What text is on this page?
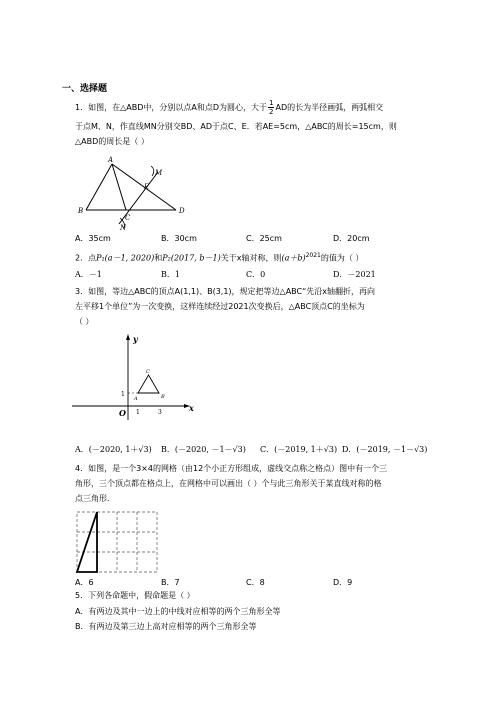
一、选择题
1．如图，在△ABD中，分别以点A和点D为圆心，大于 $\frac{1}{2}$ AD的长为半径画弧，两弧相交
于点M、N，作直线MN分别交BD、AD于点C、E．若AE=5cm，△ABC的周长=15cm，则
△ABD的周长是（ ）
A
B
C
D
E
M
N
A．35cm	B．30cm	C．25cm	D．20cm
2．点P₁(a－1, 2020)和P₂(2017, b－1)关于x轴对称，则$(a+b)^{2021}$的值为（ ）
A．－1	B．1	C．0	D．－2021
3．如图，等边△ABC的顶点A(1,1)、B(3,1)，规定把等边△ABC“先沿x轴翻折，再向
左平移1个单位”为一次变换，这样连续经过2021次变换后，△ABC顶点C的坐标为
（ ）
y
x
O
1
1	3
A	B
C
A．(－2020, 1＋√3) B．(－2020, －1－√3) C．(－2019, 1＋√3) D．(－2019, －1－√3)
4．如图，是一个3×4的网格（由12个小正方形组成，虚线交点称之格点）图中有一个三
角形，三个顶点都在格点上，在网格中可以画出（ ）个与此三角形关于某直线对称的格
点三角形．
A．6	B．7	C．8	D．9
5．下列各命题中，假命题是（ ）
A．有两边及其中一边上的中线对应相等的两个三角形全等
B．有两边及第三边上高对应相等的两个三角形全等
